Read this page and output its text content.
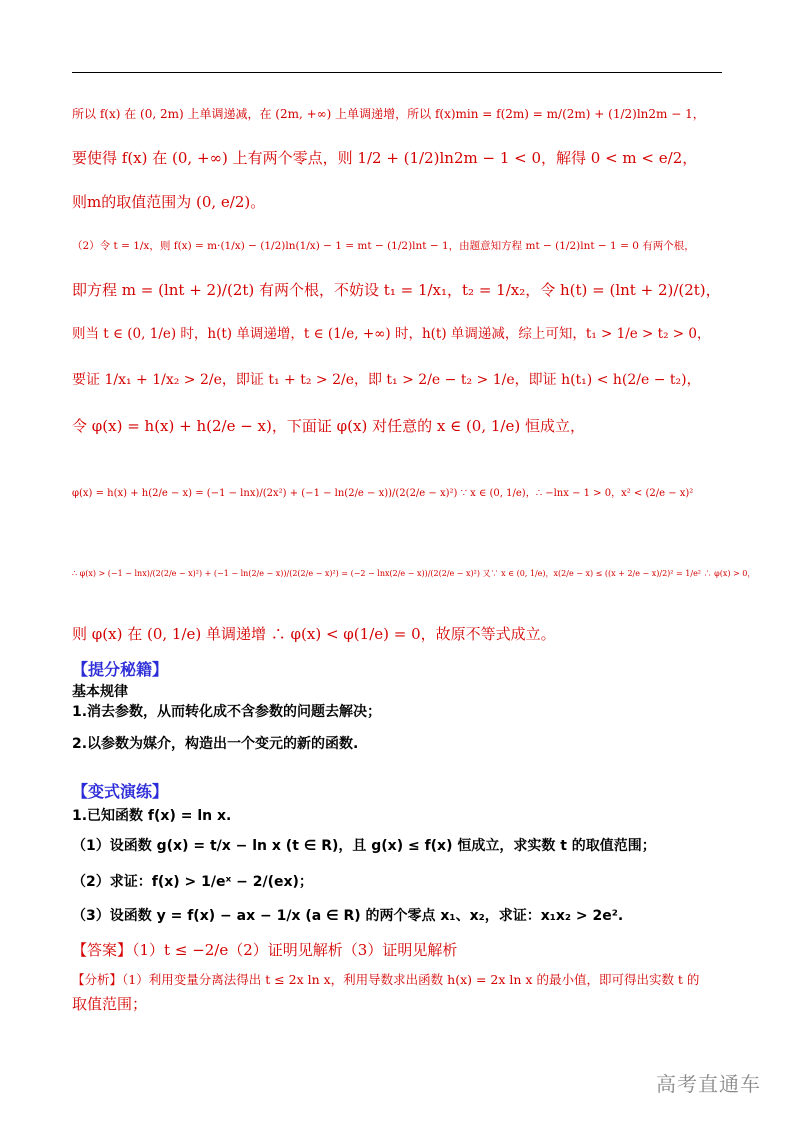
所以 f(x) 在 (0, 2m) 上单调递减，在 (2m, +∞) 上单调递增，所以 f(x)min = f(2m) = m/(2m) + (1/2)ln2m − 1，
要使得 f(x) 在 (0, +∞) 上有两个零点，则 1/2 + (1/2)ln2m − 1 < 0，解得 0 < m < e/2，
则m的取值范围为 (0, e/2)。
（2）令 t = 1/x，则 f(x) = m·(1/x) − (1/2)ln(1/x) − 1 = mt − (1/2)lnt − 1，由题意知方程 mt − (1/2)lnt − 1 = 0 有两个根，
即方程 m = (lnt + 2)/(2t) 有两个根，不妨设 t₁ = 1/x₁，t₂ = 1/x₂，令 h(t) = (lnt + 2)/(2t)，
则当 t ∈ (0, 1/e) 时，h(t) 单调递增，t ∈ (1/e, +∞) 时，h(t) 单调递减，综上可知，t₁ > 1/e > t₂ > 0，
要证 1/x₁ + 1/x₂ > 2/e，即证 t₁ + t₂ > 2/e，即 t₁ > 2/e − t₂ > 1/e，即证 h(t₁) < h(2/e − t₂)，
令 φ(x) = h(x) + h(2/e − x)，下面证 φ(x) 对任意的 x ∈ (0, 1/e) 恒成立，
φ(x) = h(x) + h(2/e − x) = (−1 − lnx)/(2x²) + (−1 − ln(2/e − x))/(2(2/e − x)²) ∵ x ∈ (0, 1/e)，∴ −lnx − 1 > 0，x² < (2/e − x)²
∴ φ(x) > (−1 − lnx)/(2(2/e − x)²) + (−1 − ln(2/e − x))/(2(2/e − x)²) = (−2 − lnx(2/e − x))/(2(2/e − x)²) 又∵ x ∈ (0, 1/e)，x(2/e − x) ≤ ((x + 2/e − x)/2)² = 1/e² ∴ φ(x) > 0，
则 φ(x) 在 (0, 1/e) 单调递增 ∴ φ(x) < φ(1/e) = 0，故原不等式成立。
【提分秘籍】
基本规律
1.消去参数，从而转化成不含参数的问题去解决；
2.以参数为媒介，构造出一个变元的新的函数.
【变式演练】
1.已知函数 f(x) = ln x.
（1）设函数 g(x) = t/x − ln x (t ∈ R)，且 g(x) ≤ f(x) 恒成立，求实数 t 的取值范围；
（2）求证：f(x) > 1/eˣ − 2/(ex)；
（3）设函数 y = f(x) − ax − 1/x (a ∈ R) 的两个零点 x₁、x₂，求证：x₁x₂ > 2e².
【答案】（1）t ≤ −2/e（2）证明见解析（3）证明见解析
【分析】（1）利用变量分离法得出 t ≤ 2x ln x，利用导数求出函数 h(x) = 2x ln x 的最小值，即可得出实数 t 的
取值范围；
高考直通车
